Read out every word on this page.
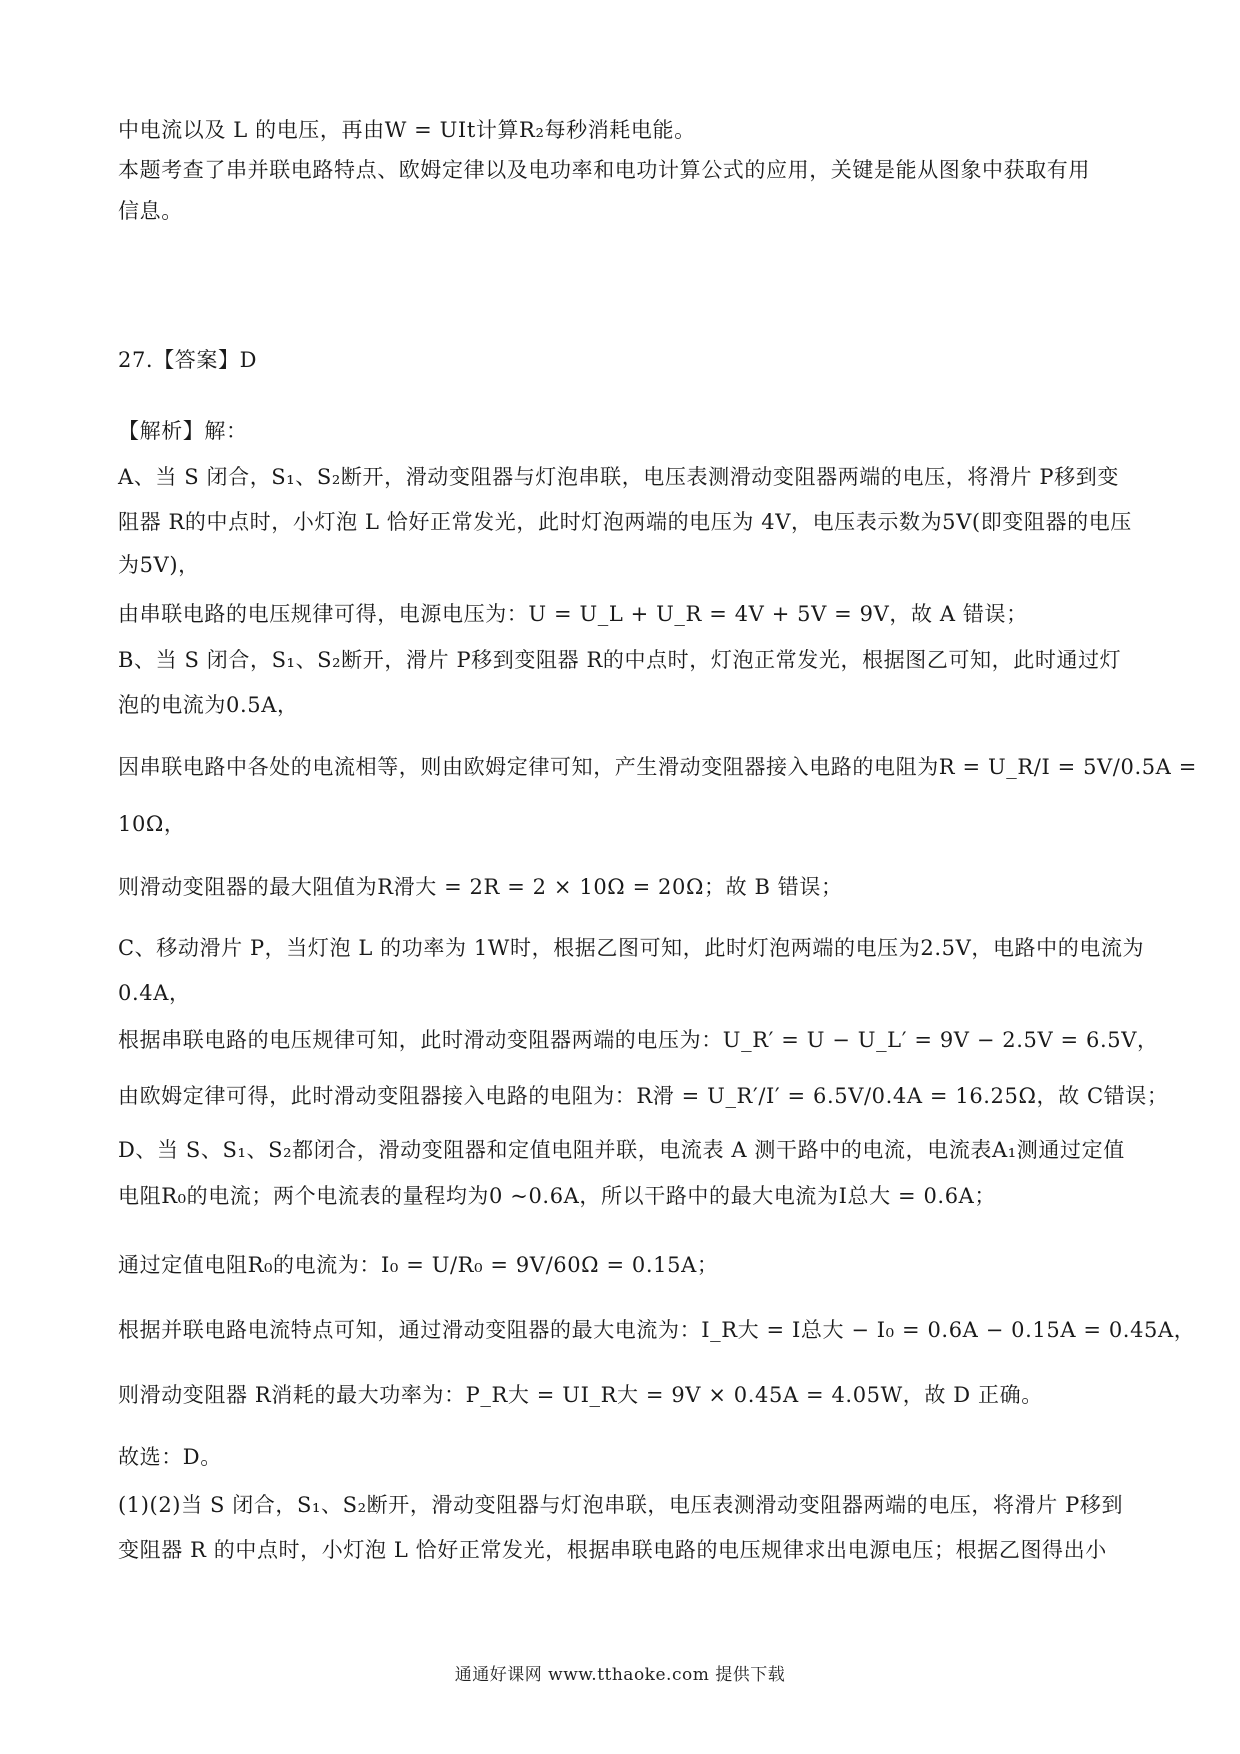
中电流以及 L 的电压，再由W = UIt计算R₂每秒消耗电能。
本题考查了串并联电路特点、欧姆定律以及电功率和电功计算公式的应用，关键是能从图象中获取有用
信息。
27.【答案】D
【解析】解：
A、当 S 闭合，S₁、S₂断开，滑动变阻器与灯泡串联，电压表测滑动变阻器两端的电压，将滑片 P移到变
阻器 R的中点时，小灯泡 L 恰好正常发光，此时灯泡两端的电压为 4V，电压表示数为5V(即变阻器的电压
为5V)，
由串联电路的电压规律可得，电源电压为：U = U_L + U_R = 4V + 5V = 9V，故 A 错误；
B、当 S 闭合，S₁、S₂断开，滑片 P移到变阻器 R的中点时，灯泡正常发光，根据图乙可知，此时通过灯
泡的电流为0.5A，
因串联电路中各处的电流相等，则由欧姆定律可知，产生滑动变阻器接入电路的电阻为R = U_R/I = 5V/0.5A =
10Ω，
则滑动变阻器的最大阻值为R滑大 = 2R = 2 × 10Ω = 20Ω；故 B 错误；
C、移动滑片 P，当灯泡 L 的功率为 1W时，根据乙图可知，此时灯泡两端的电压为2.5V，电路中的电流为
0.4A，
根据串联电路的电压规律可知，此时滑动变阻器两端的电压为：U_R′ = U − U_L′ = 9V − 2.5V = 6.5V，
由欧姆定律可得，此时滑动变阻器接入电路的电阻为：R滑 = U_R′/I′ = 6.5V/0.4A = 16.25Ω，故 C错误；
D、当 S、S₁、S₂都闭合，滑动变阻器和定值电阻并联，电流表 A 测干路中的电流，电流表A₁测通过定值
电阻R₀的电流；两个电流表的量程均为0 ~0.6A，所以干路中的最大电流为I总大 = 0.6A；
通过定值电阻R₀的电流为：I₀ = U/R₀ = 9V/60Ω = 0.15A；
根据并联电路电流特点可知，通过滑动变阻器的最大电流为：I_R大 = I总大 − I₀ = 0.6A − 0.15A = 0.45A，
则滑动变阻器 R消耗的最大功率为：P_R大 = UI_R大 = 9V × 0.45A = 4.05W，故 D 正确。
故选：D。
(1)(2)当 S 闭合，S₁、S₂断开，滑动变阻器与灯泡串联，电压表测滑动变阻器两端的电压，将滑片 P移到
变阻器 R 的中点时，小灯泡 L 恰好正常发光，根据串联电路的电压规律求出电源电压；根据乙图得出小
通通好课网 www.tthaoke.com 提供下载
